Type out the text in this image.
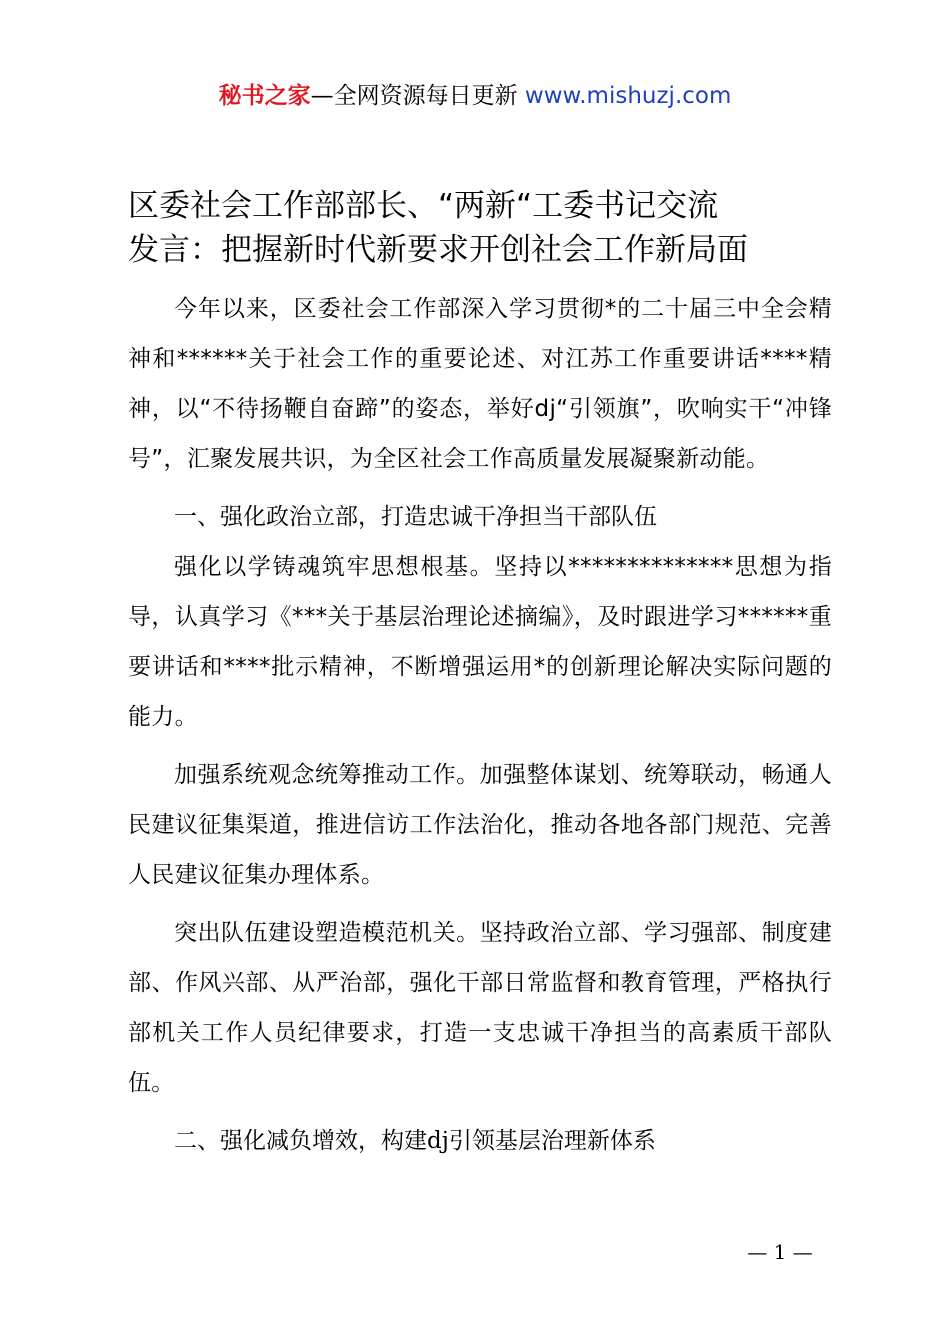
秘书之家—全网资源每日更新 www.mishuzj.com
区委社会工作部部长、“两新“工委书记交流
发言：把握新时代新要求开创社会工作新局面

今年以来，区委社会工作部深入学习贯彻*的二十届三中全会精神和******关于社会工作的重要论述、对江苏工作重要讲话****精神，以“不待扬鞭自奋蹄”的姿态，举好dj“引领旗”，吹响实干“冲锋号”，汇聚发展共识，为全区社会工作高质量发展凝聚新动能。

一、强化政治立部，打造忠诚干净担当干部队伍

强化以学铸魂筑牢思想根基。坚持以**************思想为指导，认真学习《***关于基层治理论述摘编》，及时跟进学习******重要讲话和****批示精神，不断增强运用*的创新理论解决实际问题的能力。

加强系统观念统筹推动工作。加强整体谋划、统筹联动，畅通人民建议征集渠道，推进信访工作法治化，推动各地各部门规范、完善人民建议征集办理体系。

突出队伍建设塑造模范机关。坚持政治立部、学习强部、制度建部、作风兴部、从严治部，强化干部日常监督和教育管理，严格执行部机关工作人员纪律要求，打造一支忠诚干净担当的高素质干部队伍。

二、强化减负增效，构建dj引领基层治理新体系

— 1 —
